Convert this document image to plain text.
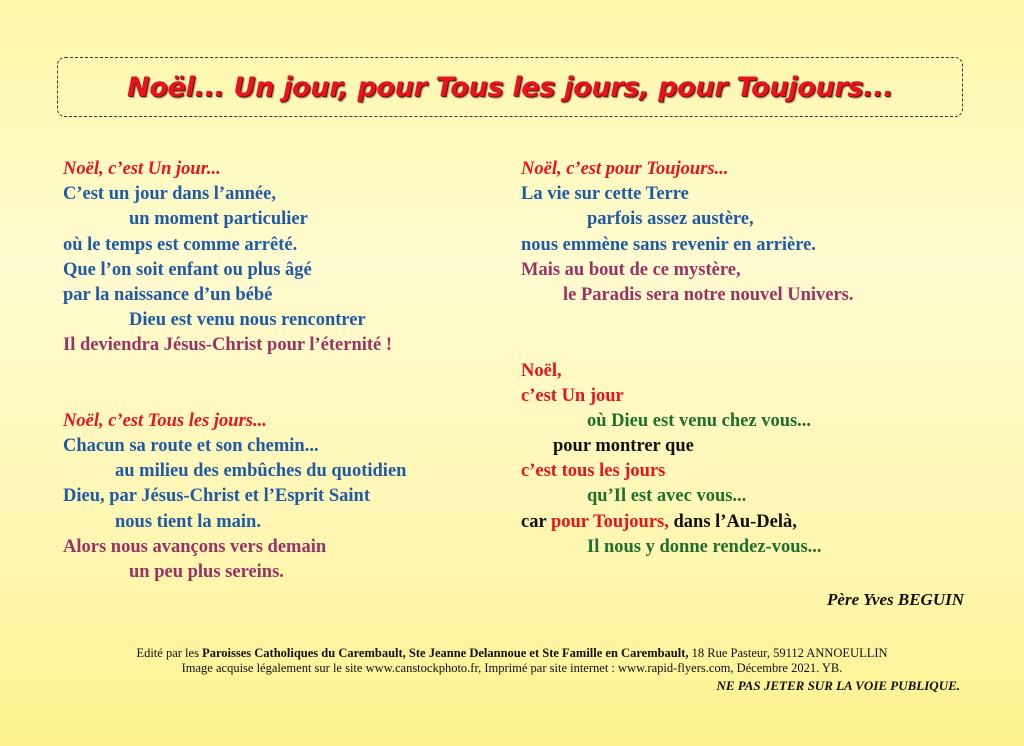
Noël... Un jour, pour Tous les jours, pour Toujours...
Noël, c’est Un jour...
C’est un jour dans l’année,
un moment particulier
où le temps est comme arrêté.
Que l’on soit enfant ou plus âgé
par la naissance d’un bébé
Dieu est venu nous rencontrer
Il deviendra Jésus-Christ pour l’éternité !
Noël, c’est Tous les jours...
Chacun sa route et son chemin...
au milieu des embûches du quotidien
Dieu, par Jésus-Christ et l’Esprit Saint
nous tient la main.
Alors nous avançons vers demain
un peu plus sereins.
Noël, c’est pour Toujours...
La vie sur cette Terre
parfois assez austère,
nous emmène sans revenir en arrière.
Mais au bout de ce mystère,
le Paradis sera notre nouvel Univers.
Noël,
c’est Un jour
où Dieu est venu chez vous...
pour montrer que
c’est tous les jours
qu’Il est avec vous...
car pour Toujours, dans l’Au-Delà,
Il nous y donne rendez-vous...
Père Yves BEGUIN
Edité par les Paroisses Catholiques du Carembault, Ste Jeanne Delannoue et Ste Famille en Carembault, 18 Rue Pasteur, 59112 ANNOEULLIN
Image acquise légalement sur le site www.canstockphoto.fr, Imprimé par site internet : www.rapid-flyers.com, Décembre 2021. YB.
NE PAS JETER SUR LA VOIE PUBLIQUE.
